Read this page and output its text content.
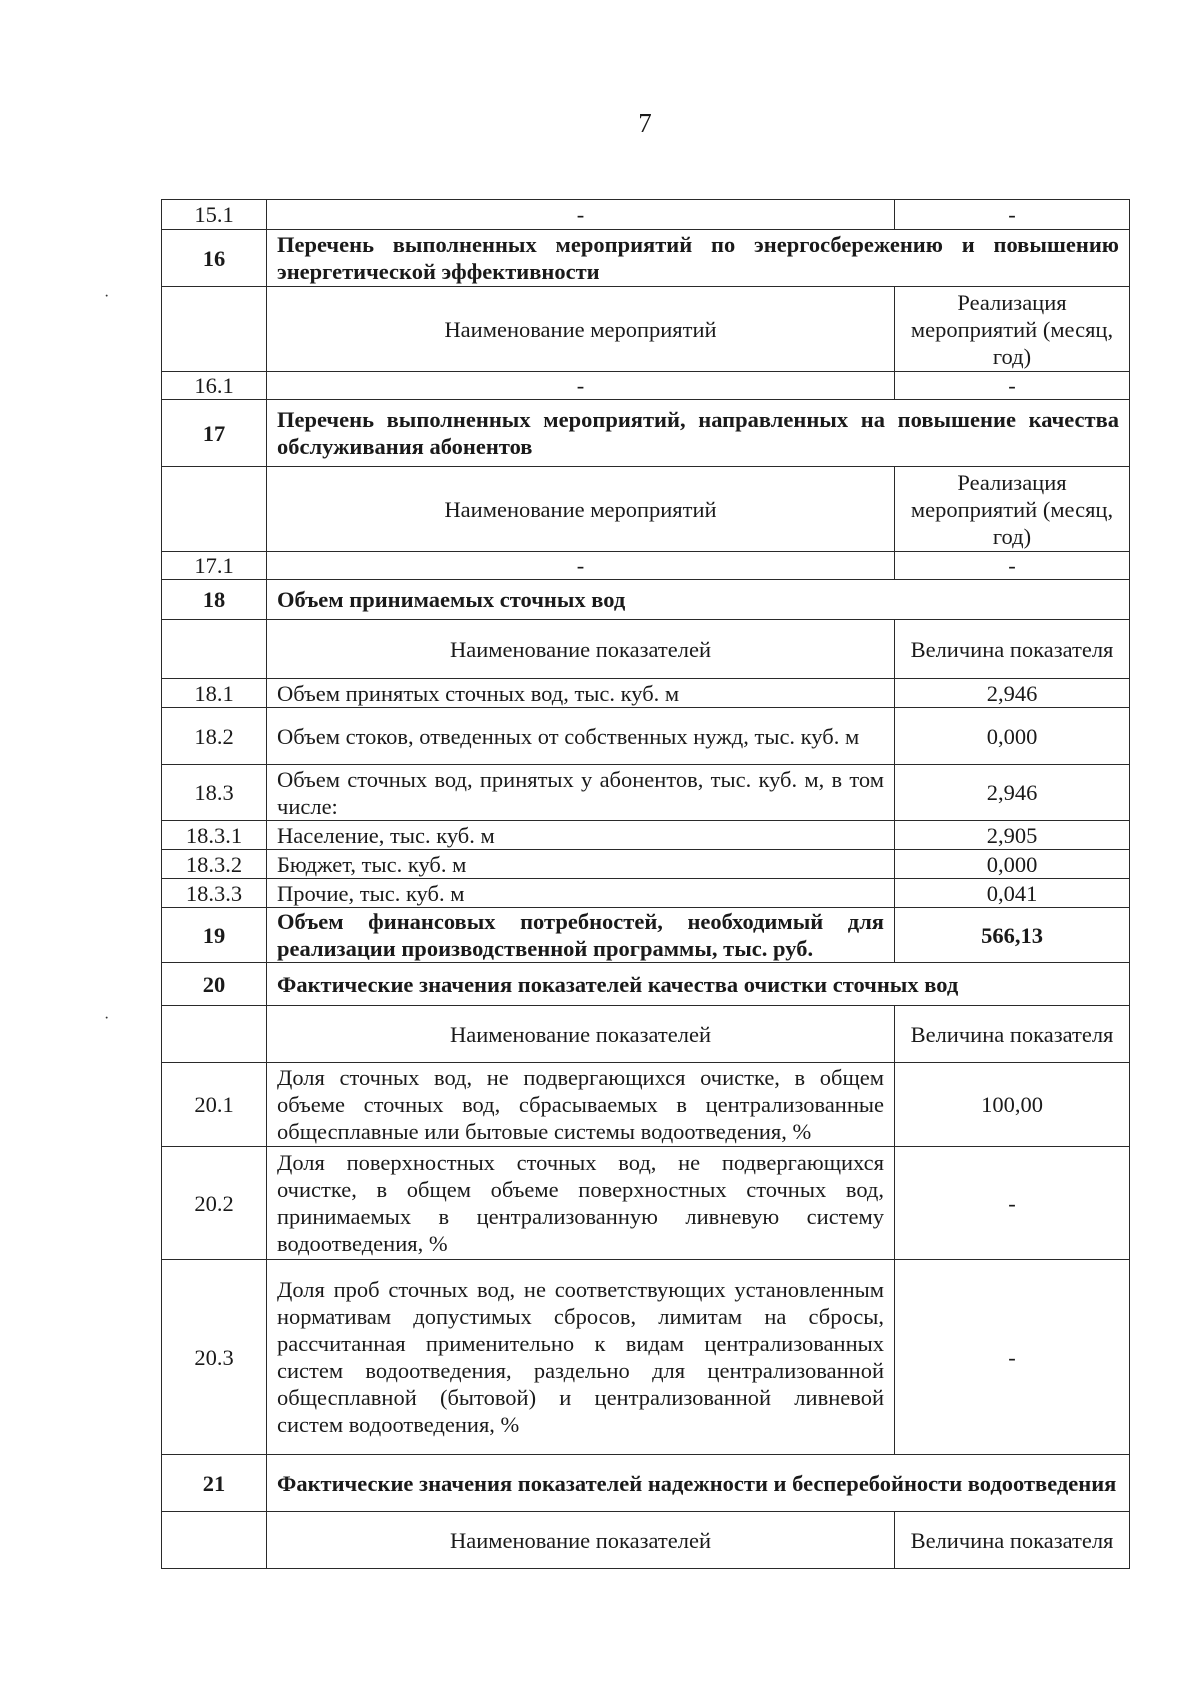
7
·
·
15.1	-	-
16	Перечень выполненных мероприятий по энергосбережению и повышению энергетической эффективности	
	Наименование мероприятий	Реализация мероприятий (месяц, год)
16.1	-	-
17	Перечень выполненных мероприятий, направленных на повышение качества обслуживания абонентов	
	Наименование мероприятий	Реализация мероприятий (месяц, год)
17.1	-	-
18	Объем принимаемых сточных вод	
	Наименование показателей	Величина показателя
18.1	Объем принятых сточных вод, тыс. куб. м	2,946
18.2	Объем стоков, отведенных от собственных нужд, тыс. куб. м	0,000
18.3	Объем сточных вод, принятых у абонентов, тыс. куб. м, в том числе:	2,946
18.3.1	Население, тыс. куб. м	2,905
18.3.2	Бюджет, тыс. куб. м	0,000
18.3.3	Прочие, тыс. куб. м	0,041
19	Объем финансовых потребностей, необходимый для реализации производственной программы, тыс. руб.	566,13
20	Фактические значения показателей качества очистки сточных вод	
	Наименование показателей	Величина показателя
20.1	Доля сточных вод, не подвергающихся очистке, в общем объеме сточных вод, сбрасываемых в централизованные общесплавные или бытовые системы водоотведения, %	100,00
20.2	Доля поверхностных сточных вод, не подвергающихся очистке, в общем объеме поверхностных сточных вод, принимаемых в централизованную ливневую систему водоотведения, %	-
20.3	Доля проб сточных вод, не соответствующих установленным нормативам допустимых сбросов, лимитам на сбросы, рассчитанная применительно к видам централизованных систем водоотведения, раздельно для централизованной общесплавной (бытовой) и централизованной ливневой систем водоотведения, %	-
21	Фактические значения показателей надежности и бесперебойности водоотведения	
	Наименование показателей	Величина показателя
